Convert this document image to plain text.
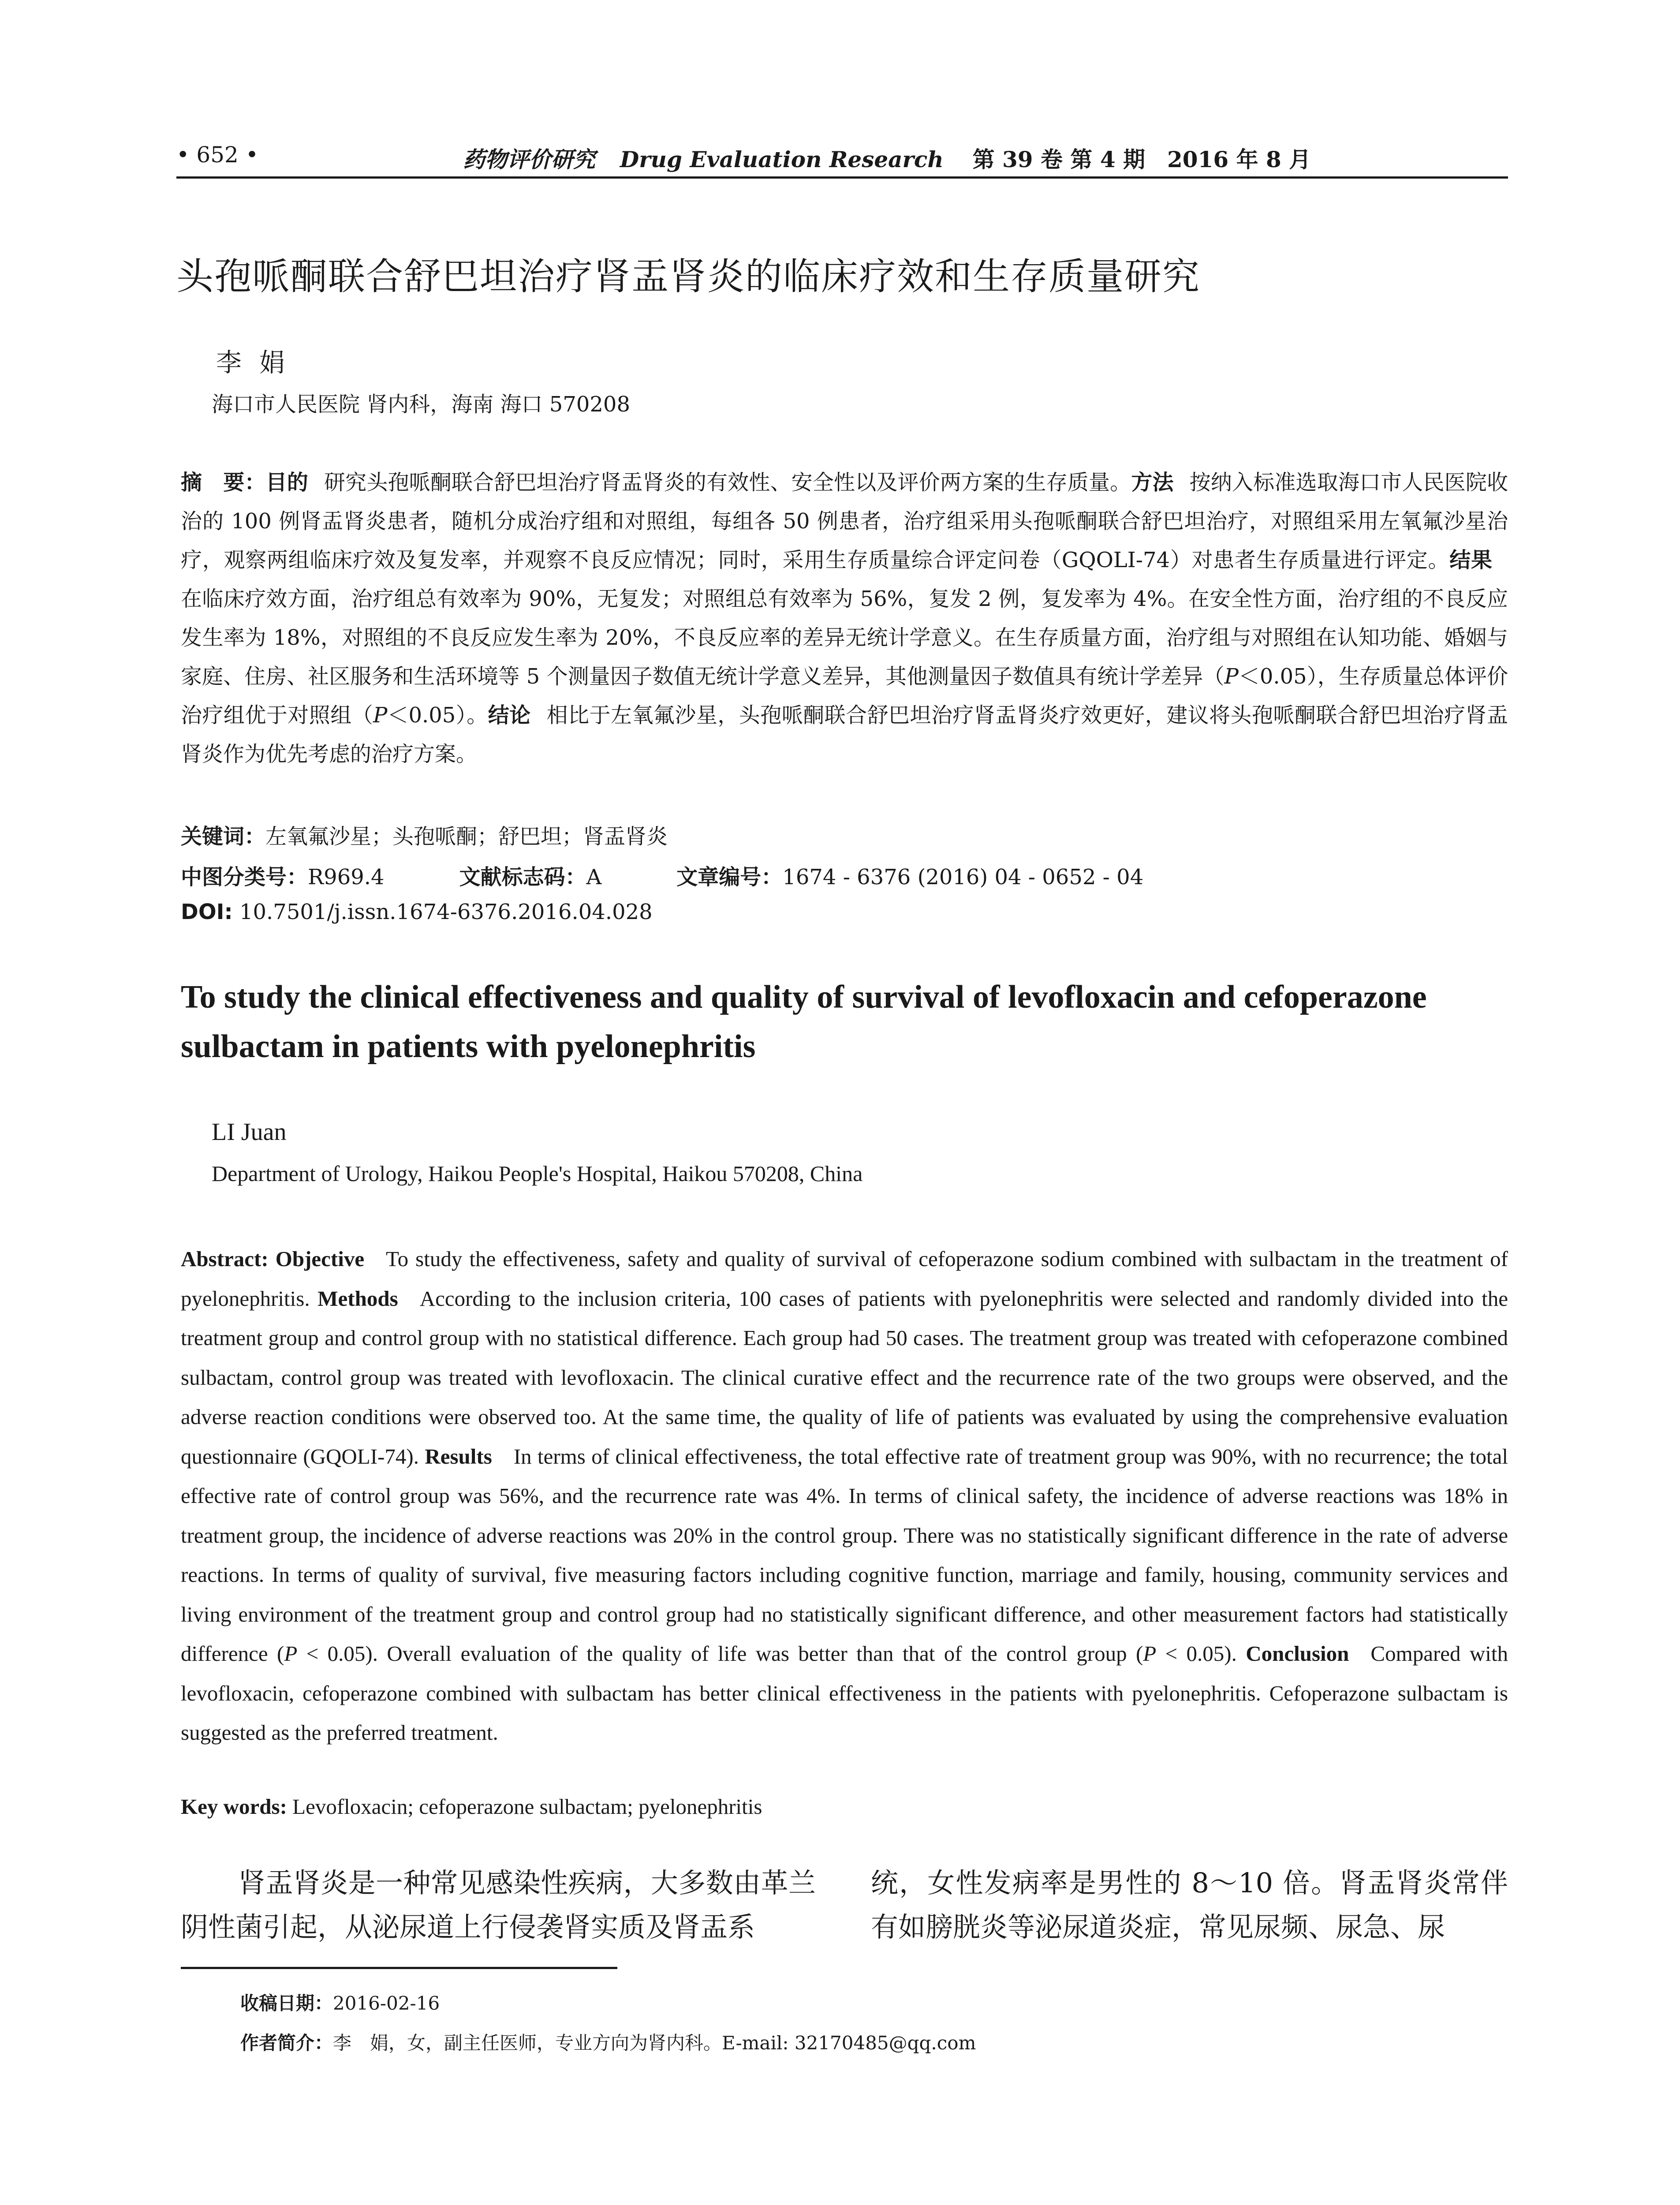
• 652 •	药物评价研究 Drug Evaluation Research 第 39 卷 第 4 期　2016 年 8 月
头孢哌酮联合舒巴坦治疗肾盂肾炎的临床疗效和生存质量研究
李娟
海口市人民医院 肾内科，海南 海口 570208
摘　要：目的 研究头孢哌酮联合舒巴坦治疗肾盂肾炎的有效性、安全性以及评价两方案的生存质量。方法 按纳入标准选取海口市人民医院收治的 100 例肾盂肾炎患者，随机分成治疗组和对照组，每组各 50 例患者，治疗组采用头孢哌酮联合舒巴坦治疗，对照组采用左氧氟沙星治疗，观察两组临床疗效及复发率，并观察不良反应情况；同时，采用生存质量综合评定问卷（GQOLI-74）对患者生存质量进行评定。结果在临床疗效方面，治疗组总有效率为 90%，无复发；对照组总有效率为 56%，复发 2 例，复发率为 4%。在安全性方面，治疗组的不良反应发生率为 18%，对照组的不良反应发生率为 20%，不良反应率的差异无统计学意义。在生存质量方面，治疗组与对照组在认知功能、婚姻与家庭、住房、社区服务和生活环境等 5 个测量因子数值无统计学意义差异，其他测量因子数值具有统计学差异（P＜0.05），生存质量总体评价治疗组优于对照组（P＜0.05）。结论 相比于左氧氟沙星，头孢哌酮联合舒巴坦治疗肾盂肾炎疗效更好，建议将头孢哌酮联合舒巴坦治疗肾盂肾炎作为优先考虑的治疗方案。
关键词：左氧氟沙星；头孢哌酮；舒巴坦；肾盂肾炎
中图分类号：R969.4	文献标志码：A	文章编号：1674 - 6376 (2016) 04 - 0652 - 04
DOI: 10.7501/j.issn.1674-6376.2016.04.028
To study the clinical effectiveness and quality of survival of levofloxacin and cefoperazone sulbactam in patients with pyelonephritis
LI Juan
Department of Urology, Haikou People's Hospital, Haikou 570208, China
Abstract: Objective  To study the effectiveness, safety and quality of survival of cefoperazone sodium combined with sulbactam in the treatment of pyelonephritis. Methods  According to the inclusion criteria, 100 cases of patients with pyelonephritis were selected and randomly divided into the treatment group and control group with no statistical difference. Each group had 50 cases. The treatment group was treated with cefoperazone combined sulbactam, control group was treated with levofloxacin. The clinical curative effect and the recurrence rate of the two groups were observed, and the adverse reaction conditions were observed too. At the same time, the quality of life of patients was evaluated by using the comprehensive evaluation questionnaire (GQOLI-74). Results  In terms of clinical effectiveness, the total effective rate of treatment group was 90%, with no recurrence; the total effective rate of control group was 56%, and the recurrence rate was 4%. In terms of clinical safety, the incidence of adverse reactions was 18% in treatment group, the incidence of adverse reactions was 20% in the control group. There was no statistically significant difference in the rate of adverse reactions. In terms of quality of survival, five measuring factors including cognitive function, marriage and family, housing, community services and living environment of the treatment group and control group had no statistically significant difference, and other measurement factors had statistically difference (P < 0.05). Overall evaluation of the quality of life was better than that of the control group (P < 0.05). Conclusion  Compared with levofloxacin, cefoperazone combined with sulbactam has better clinical effectiveness in the patients with pyelonephritis. Cefoperazone sulbactam is suggested as the preferred treatment.
Key words: Levofloxacin; cefoperazone sulbactam; pyelonephritis
肾盂肾炎是一种常见感染性疾病，大多数由革兰阴性菌引起，从泌尿道上行侵袭肾实质及肾盂系
统，女性发病率是男性的 8～10 倍。肾盂肾炎常伴有如膀胱炎等泌尿道炎症，常见尿频、尿急、尿
收稿日期：2016-02-16
作者简介：李　娟，女，副主任医师，专业方向为肾内科。E-mail: 32170485@qq.com
